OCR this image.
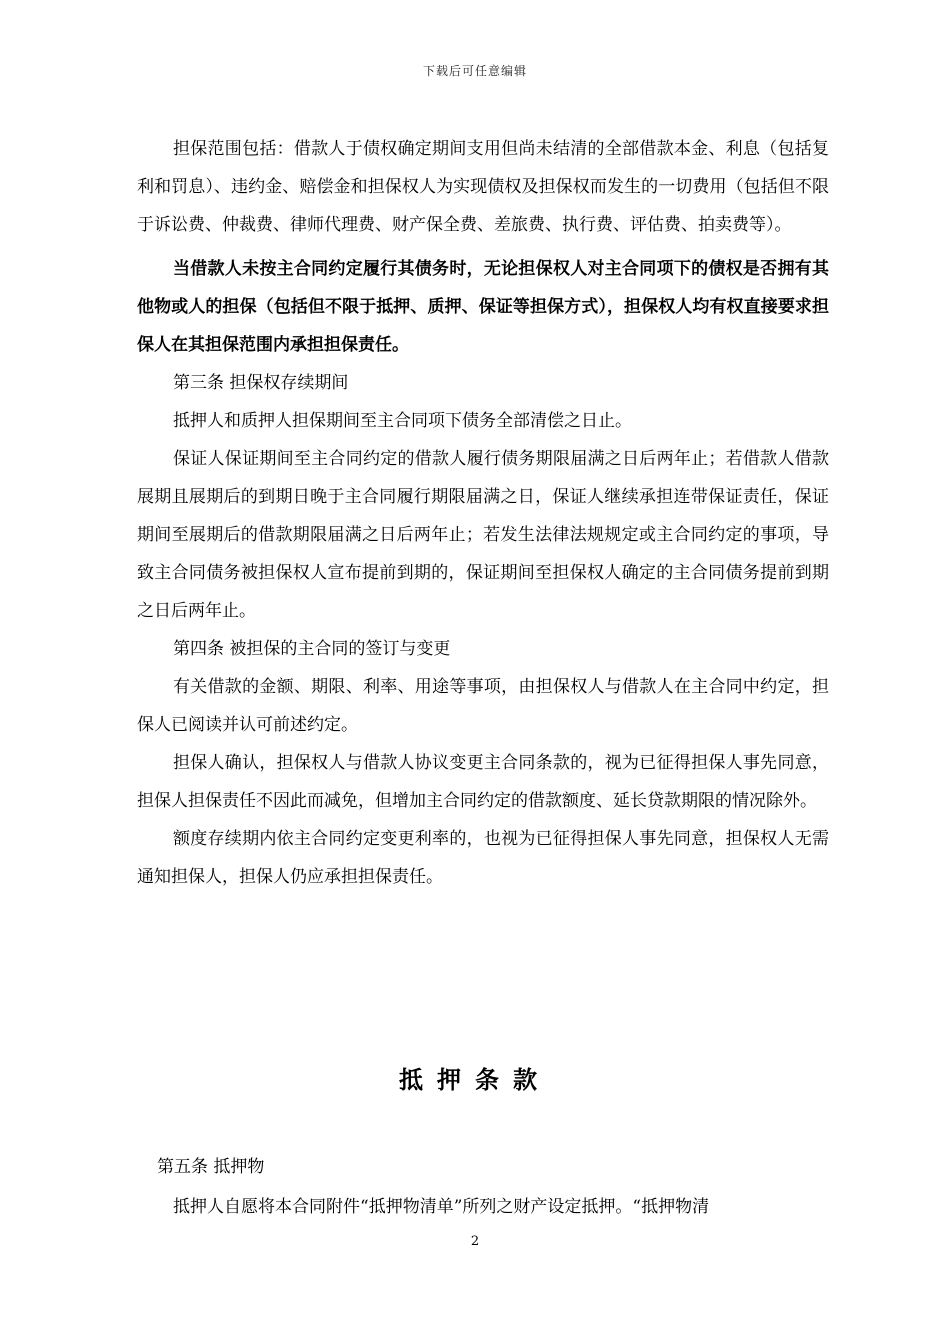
下载后可任意编辑

担保范围包括：借款人于债权确定期间支用但尚未结清的全部借款本金、利息（包括复利和罚息）、违约金、赔偿金和担保权人为实现债权及担保权而发生的一切费用（包括但不限于诉讼费、仲裁费、律师代理费、财产保全费、差旅费、执行费、评估费、拍卖费等）。

当借款人未按主合同约定履行其债务时，无论担保权人对主合同项下的债权是否拥有其他物或人的担保（包括但不限于抵押、质押、保证等担保方式），担保权人均有权直接要求担保人在其担保范围内承担担保责任。

第三条 担保权存续期间

抵押人和质押人担保期间至主合同项下债务全部清偿之日止。

保证人保证期间至主合同约定的借款人履行债务期限届满之日后两年止；若借款人借款展期且展期后的到期日晚于主合同履行期限届满之日，保证人继续承担连带保证责任，保证期间至展期后的借款期限届满之日后两年止；若发生法律法规规定或主合同约定的事项，导致主合同债务被担保权人宣布提前到期的，保证期间至担保权人确定的主合同债务提前到期之日后两年止。

第四条 被担保的主合同的签订与变更

有关借款的金额、期限、利率、用途等事项，由担保权人与借款人在主合同中约定，担保人已阅读并认可前述约定。

担保人确认，担保权人与借款人协议变更主合同条款的，视为已征得担保人事先同意，担保人担保责任不因此而减免，但增加主合同约定的借款额度、延长贷款期限的情况除外。

额度存续期内依主合同约定变更利率的，也视为已征得担保人事先同意，担保权人无需通知担保人，担保人仍应承担担保责任。

抵押条款
第五条 抵押物
抵押人自愿将本合同附件“抵押物清单”所列之财产设定抵押。“抵押物清
2
